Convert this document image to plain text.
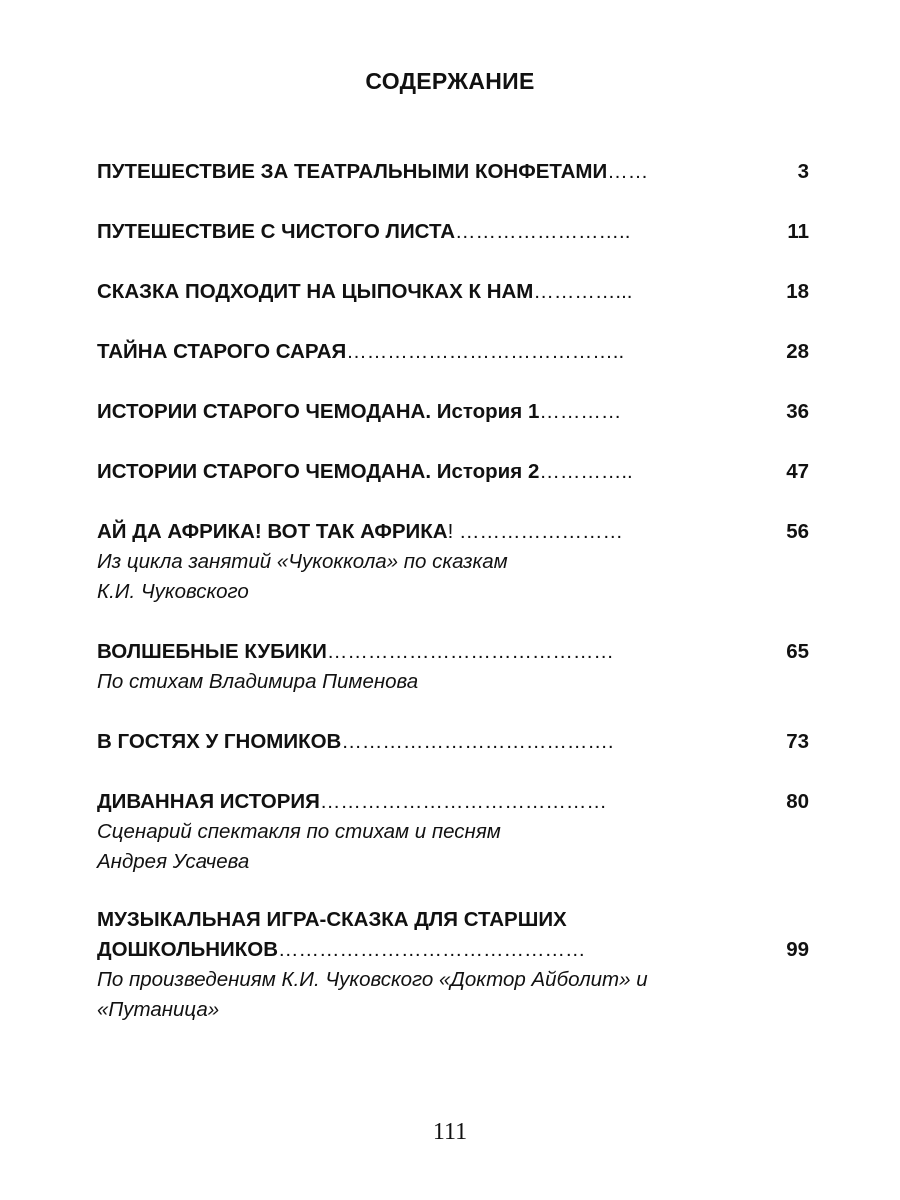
СОДЕРЖАНИЕ
ПУТЕШЕСТВИЕ ЗА ТЕАТРАЛЬНЫМИ КОНФЕТАМИ……	3
ПУТЕШЕСТВИЕ С ЧИСТОГО ЛИСТА……………………..	11
СКАЗКА ПОДХОДИТ НА ЦЫПОЧКАХ К НАМ…………...	18
ТАЙНА СТАРОГО САРАЯ…………………………………..	28
ИСТОРИИ СТАРОГО ЧЕМОДАНА. История 1…………	36
ИСТОРИИ СТАРОГО ЧЕМОДАНА. История 2…………..	47
АЙ ДА АФРИКА! ВОТ ТАК АФРИКА! ……………………	56
Из цикла занятий «Чукоккола» по сказкам
К.И. Чуковского
ВОЛШЕБНЫЕ КУБИКИ……………………………………	65
По стихам Владимира Пименова
В ГОСТЯХ У ГНОМИКОВ………………………………….	73
ДИВАННАЯ ИСТОРИЯ……………………………………	80
Сценарий спектакля по стихам и песням
Андрея Усачева
МУЗЫКАЛЬНАЯ ИГРА-СКАЗКА ДЛЯ СТАРШИХ
ДОШКОЛЬНИКОВ………………………………………	99
По произведениям К.И. Чуковского «Доктор Айболит» и
«Путаница»
111
